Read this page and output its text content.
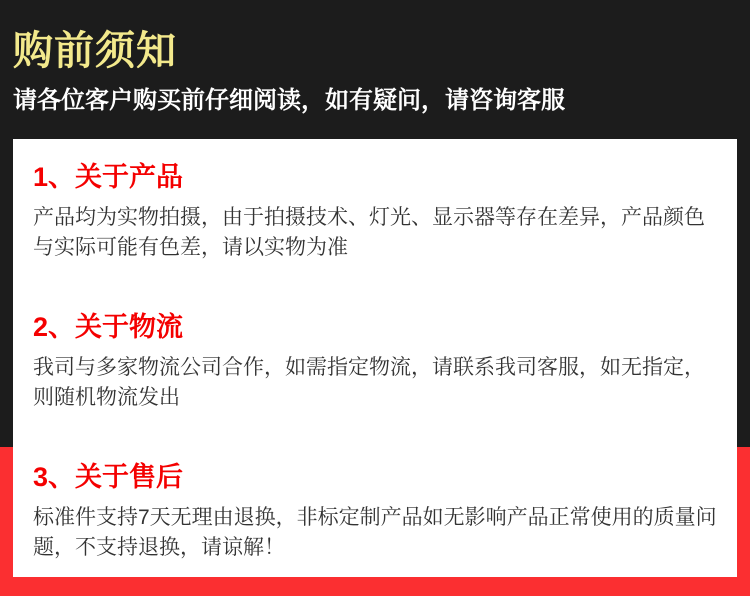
购前须知
请各位客户购买前仔细阅读，如有疑问，请咨询客服
1、关于产品
产品均为实物拍摄，由于拍摄技术、灯光、显示器等存在差异，产品颜色与实际可能有色差，请以实物为准
2、关于物流
我司与多家物流公司合作，如需指定物流，请联系我司客服，如无指定，则随机物流发出
3、关于售后
标准件支持7天无理由退换，非标定制产品如无影响产品正常使用的质量问题，不支持退换，请谅解！
